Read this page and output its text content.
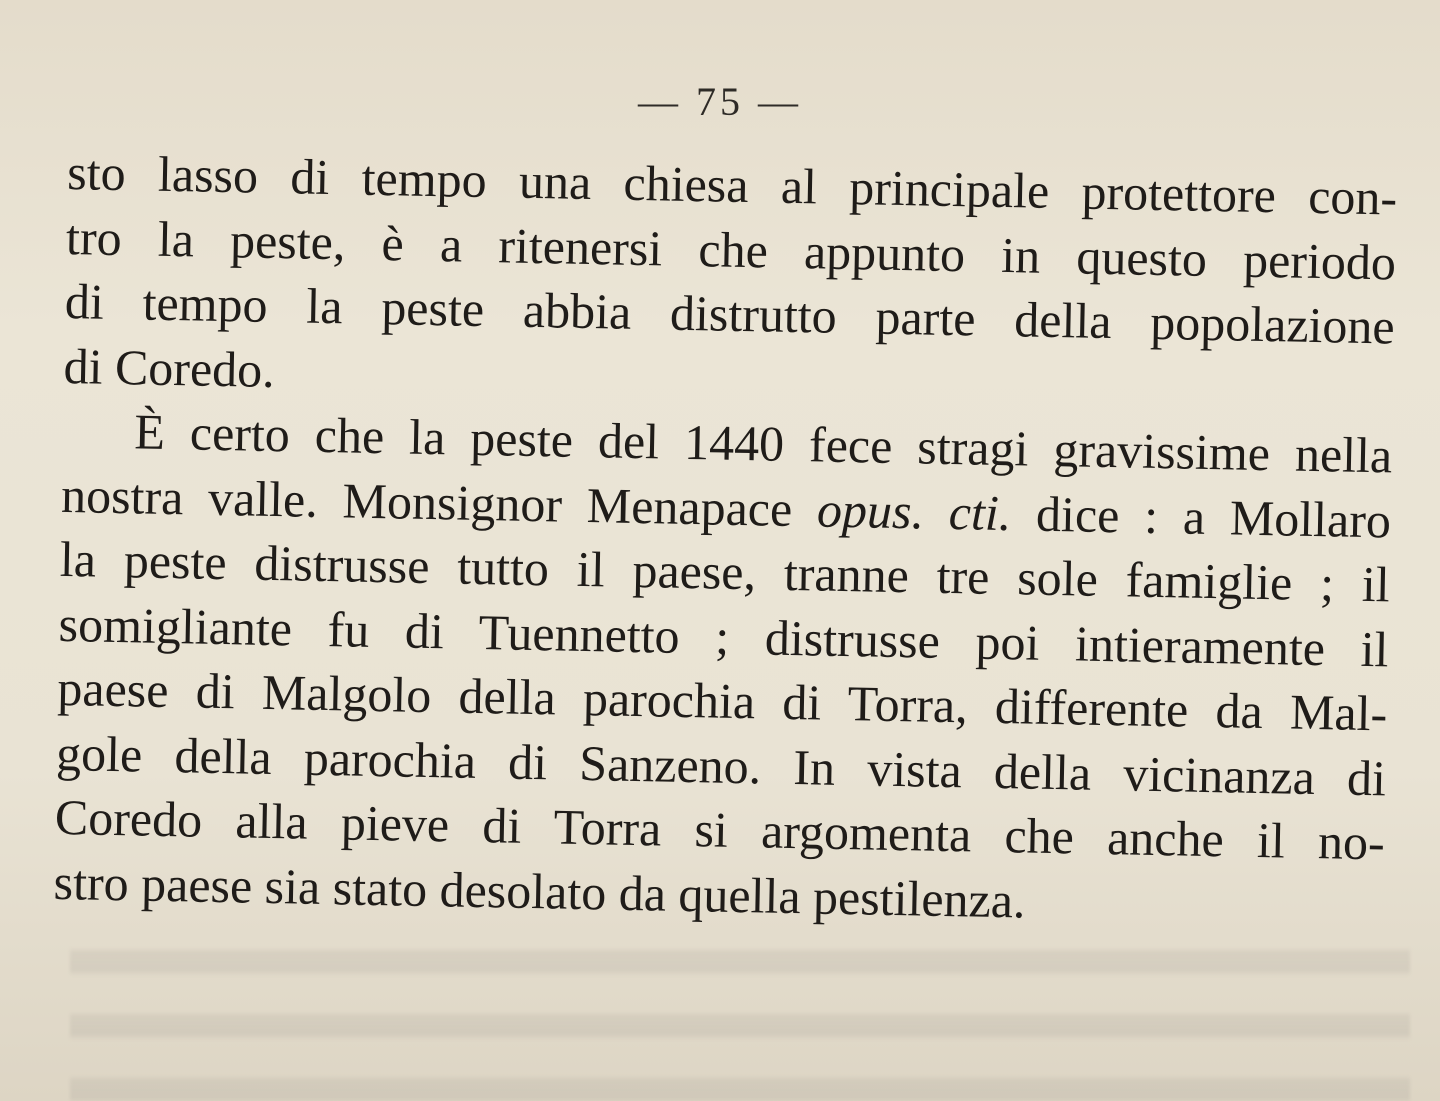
— 75 —
sto lasso di tempo una chiesa al principale protettore con-
tro la peste, è a ritenersi che appunto in questo periodo
di tempo la peste abbia distrutto parte della popolazione
di Coredo.
È certo che la peste del 1440 fece stragi gravissime nella
nostra valle. Monsignor Menapace opus. cti. dice : a Mollaro
la peste distrusse tutto il paese, tranne tre sole famiglie ; il
somigliante fu di Tuennetto ; distrusse poi intieramente il
paese di Malgolo della parochia di Torra, differente da Mal-
gole della parochia di Sanzeno. In vista della vicinanza di
Coredo alla pieve di Torra si argomenta che anche il no-
stro paese sia stato desolato da quella pestilenza.
